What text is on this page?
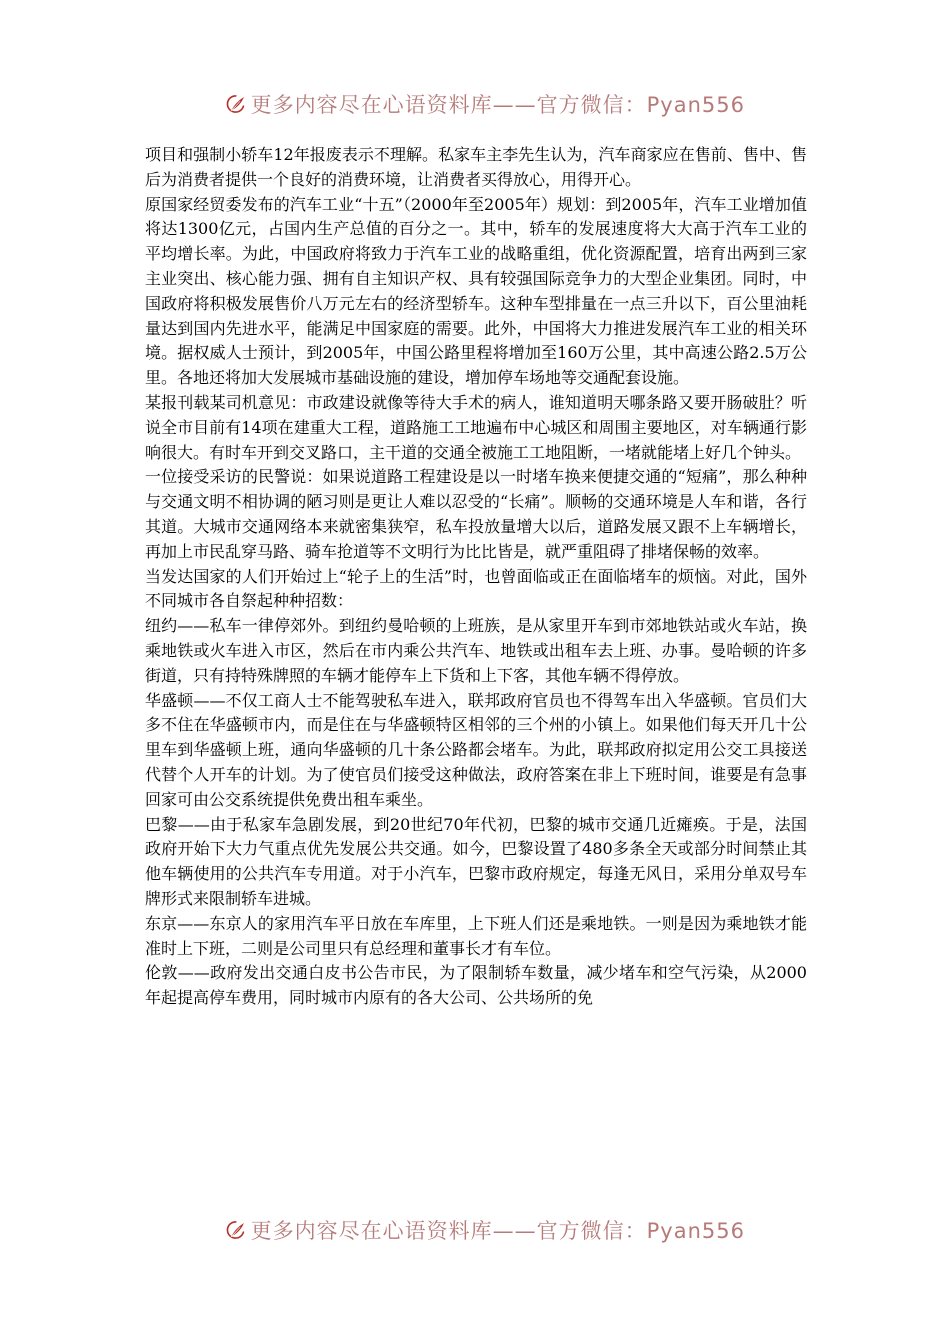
更多内容尽在心语资料库——官方微信：Pyan556

项目和强制小轿车12年报废表示不理解。私家车主李先生认为，汽车商家应在售前、售中、售后为消费者提供一个良好的消费环境，让消费者买得放心，用得开心。

原国家经贸委发布的汽车工业“十五”（2000年至2005年）规划：到2005年，汽车工业增加值将达1300亿元，占国内生产总值的百分之一。其中，轿车的发展速度将大大高于汽车工业的平均增长率。为此，中国政府将致力于汽车工业的战略重组，优化资源配置，培育出两到三家主业突出、核心能力强、拥有自主知识产权、具有较强国际竞争力的大型企业集团。同时，中国政府将积极发展售价八万元左右的经济型轿车。这种车型排量在一点三升以下，百公里油耗量达到国内先进水平，能满足中国家庭的需要。此外，中国将大力推进发展汽车工业的相关环境。据权威人士预计，到2005年，中国公路里程将增加至160万公里，其中高速公路2.5万公里。各地还将加大发展城市基础设施的建设，增加停车场地等交通配套设施。

某报刊载某司机意见：市政建设就像等待大手术的病人，谁知道明天哪条路又要开肠破肚？听说全市目前有14项在建重大工程，道路施工工地遍布中心城区和周围主要地区，对车辆通行影响很大。有时车开到交叉路口，主干道的交通全被施工工地阻断，一堵就能堵上好几个钟头。

一位接受采访的民警说：如果说道路工程建设是以一时堵车换来便捷交通的“短痛”，那么种种与交通文明不相协调的陋习则是更让人难以忍受的“长痛”。顺畅的交通环境是人车和谐，各行其道。大城市交通网络本来就密集狭窄，私车投放量增大以后，道路发展又跟不上车辆增长，再加上市民乱穿马路、骑车抢道等不文明行为比比皆是，就严重阻碍了排堵保畅的效率。

当发达国家的人们开始过上“轮子上的生活”时，也曾面临或正在面临堵车的烦恼。对此，国外不同城市各自祭起种种招数：

纽约——私车一律停郊外。到纽约曼哈顿的上班族，是从家里开车到市郊地铁站或火车站，换乘地铁或火车进入市区，然后在市内乘公共汽车、地铁或出租车去上班、办事。曼哈顿的许多街道，只有持特殊牌照的车辆才能停车上下货和上下客，其他车辆不得停放。

华盛顿——不仅工商人士不能驾驶私车进入，联邦政府官员也不得驾车出入华盛顿。官员们大多不住在华盛顿市内，而是住在与华盛顿特区相邻的三个州的小镇上。如果他们每天开几十公里车到华盛顿上班，通向华盛顿的几十条公路都会堵车。为此，联邦政府拟定用公交工具接送代替个人开车的计划。为了使官员们接受这种做法，政府答案在非上下班时间，谁要是有急事回家可由公交系统提供免费出租车乘坐。

巴黎——由于私家车急剧发展，到20世纪70年代初，巴黎的城市交通几近瘫痪。于是，法国政府开始下大力气重点优先发展公共交通。如今，巴黎设置了480多条全天或部分时间禁止其他车辆使用的公共汽车专用道。对于小汽车，巴黎市政府规定，每逢无风日，采用分单双号车牌形式来限制轿车进城。

东京——东京人的家用汽车平日放在车库里，上下班人们还是乘地铁。一则是因为乘地铁才能准时上下班，二则是公司里只有总经理和董事长才有车位。

伦敦——政府发出交通白皮书公告市民，为了限制轿车数量，减少堵车和空气污染，从2000年起提高停车费用，同时城市内原有的各大公司、公共场所的免

更多内容尽在心语资料库——官方微信：Pyan556
